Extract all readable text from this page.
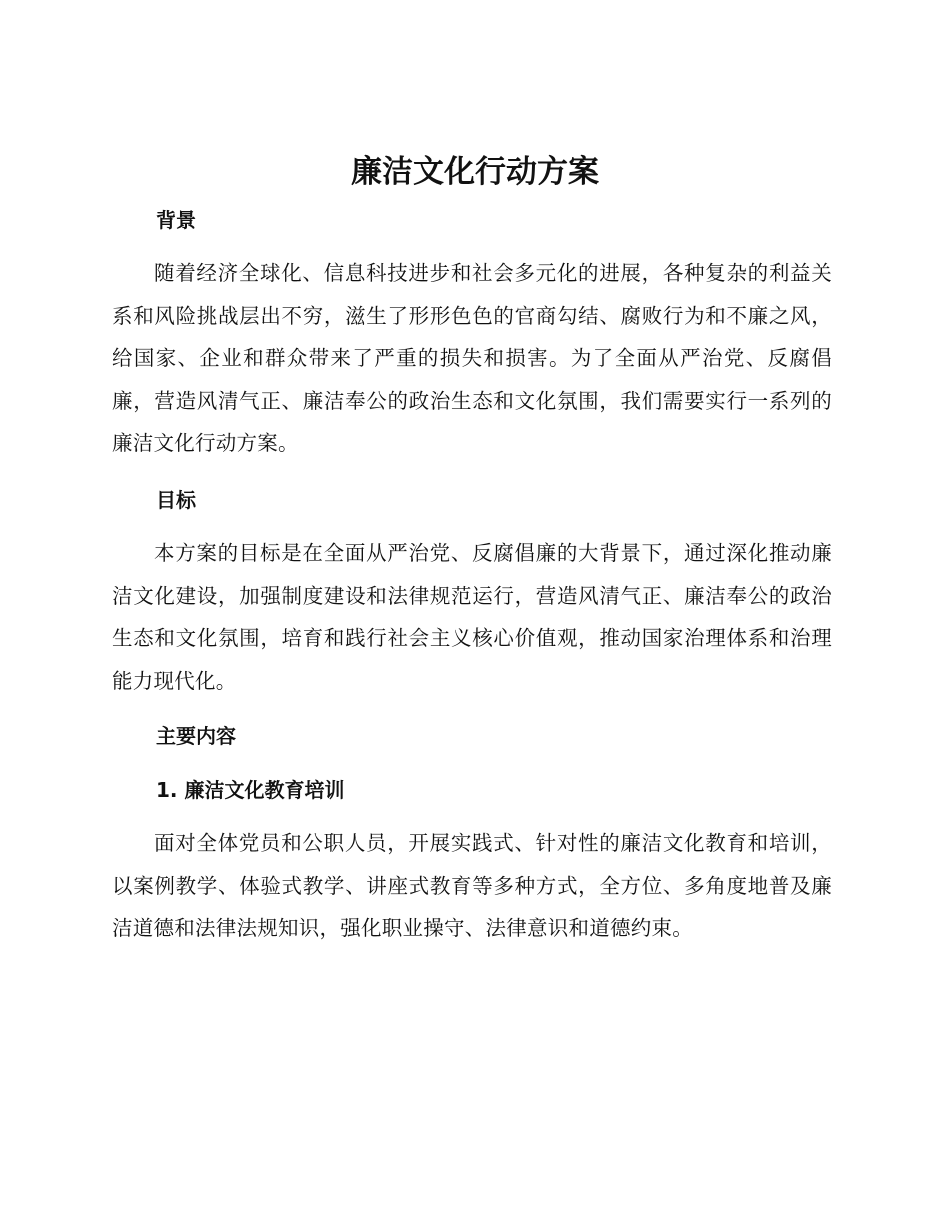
廉洁文化行动方案
背景

随着经济全球化、信息科技进步和社会多元化的进展，各种复杂的利益关系和风险挑战层出不穷，滋生了形形色色的官商勾结、腐败行为和不廉之风，给国家、企业和群众带来了严重的损失和损害。为了全面从严治党、反腐倡廉，营造风清气正、廉洁奉公的政治生态和文化氛围，我们需要实行一系列的廉洁文化行动方案。

目标

本方案的目标是在全面从严治党、反腐倡廉的大背景下，通过深化推动廉洁文化建设，加强制度建设和法律规范运行，营造风清气正、廉洁奉公的政治生态和文化氛围，培育和践行社会主义核心价值观，推动国家治理体系和治理能力现代化。

主要内容
1. 廉洁文化教育培训

面对全体党员和公职人员，开展实践式、针对性的廉洁文化教育和培训，以案例教学、体验式教学、讲座式教育等多种方式，全方位、多角度地普及廉洁道德和法律法规知识，强化职业操守、法律意识和道德约束。
